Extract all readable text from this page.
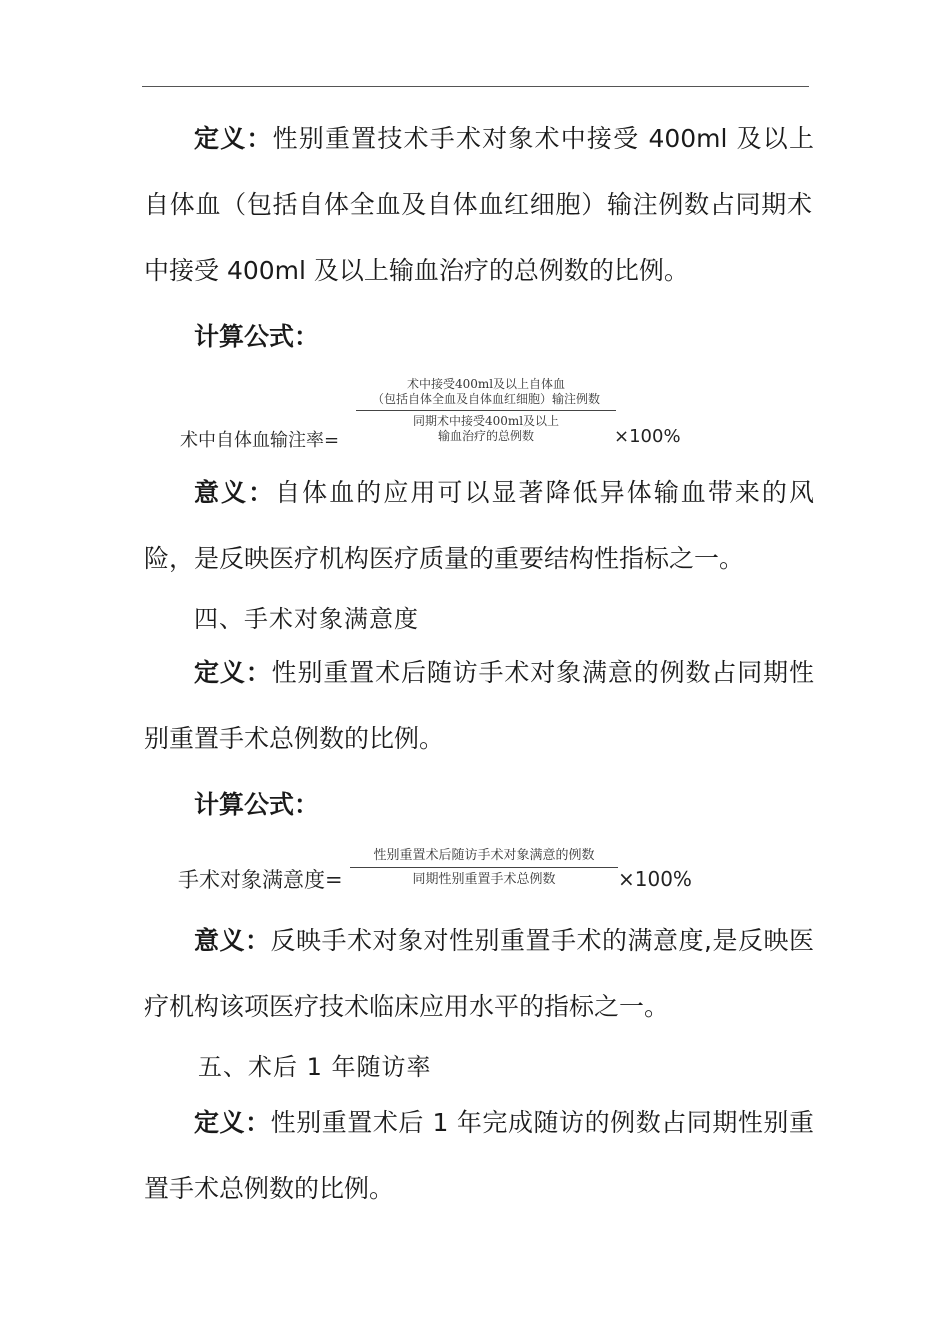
定义：性别重置技术手术对象术中接受 400ml 及以上
自体血（包括自体全血及自体血红细胞）输注例数占同期术
中接受 400ml 及以上输血治疗的总例数的比例。
计算公式：
术中自体血输注率=
术中接受400ml及以上自体血
（包括自体全血及自体血红细胞）输注例数
同期术中接受400ml及以上
输血治疗的总例数	×100%
意义：自体血的应用可以显著降低异体输血带来的风
险，是反映医疗机构医疗质量的重要结构性指标之一。
四、手术对象满意度
定义：性别重置术后随访手术对象满意的例数占同期性
别重置手术总例数的比例。
计算公式：
手术对象满意度=
性别重置术后随访手术对象满意的例数
同期性别重置手术总例数	×100%
意义：反映手术对象对性别重置手术的满意度,是反映医
疗机构该项医疗技术临床应用水平的指标之一。
五、术后 1 年随访率
定义：性别重置术后 1 年完成随访的例数占同期性别重
置手术总例数的比例。
